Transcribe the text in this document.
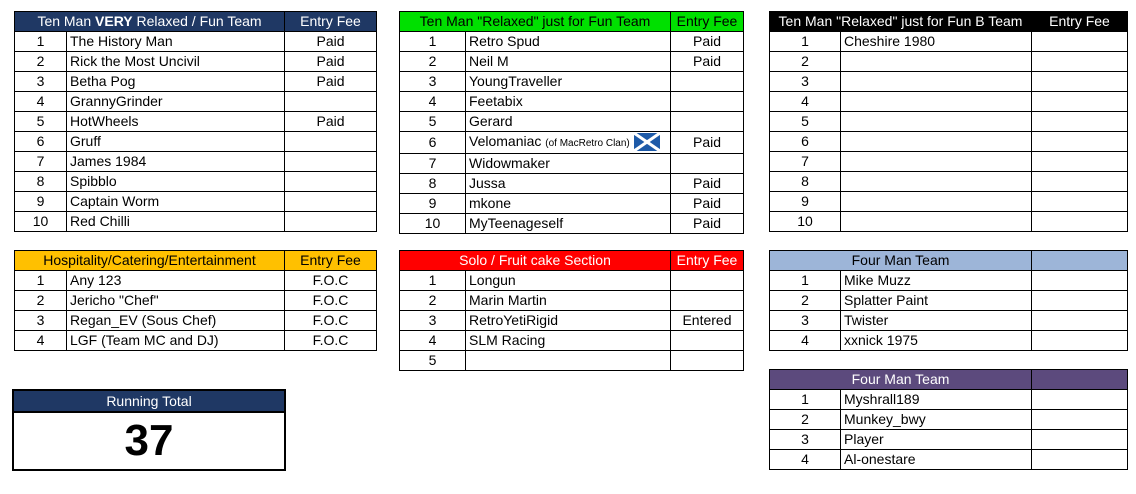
Ten Man VERY Relaxed / Fun Team		Entry Fee
1	The History Man	Paid
2	Rick the Most Uncivil	Paid
3	Betha Pog	Paid
4	GrannyGrinder	
5	HotWheels	Paid
6	Gruff	
7	James 1984	
8	Spibblo	
9	Captain Worm	
10	Red Chilli	
Ten Man "Relaxed" just for Fun Team		Entry Fee
1	Retro Spud	Paid
2	Neil M	Paid
3	YoungTraveller	
4	Feetabix	
5	Gerard	
6	Velomaniac (of MacRetro Clan)	Paid
7	Widowmaker	
8	Jussa	Paid
9	mkone	Paid
10	MyTeenageself	Paid
Ten Man "Relaxed" just for Fun B Team		Entry Fee
1	Cheshire 1980	
2		
3		
4		
5		
6		
7		
8		
9		
10		
Hospitality/Catering/Entertainment		Entry Fee
1	Any 123	F.O.C
2	Jericho "Chef"	F.O.C
3	Regan_EV (Sous Chef)	F.O.C
4	LGF (Team MC and DJ)	F.O.C
Solo / Fruit cake Section		Entry Fee
1	Longun	
2	Marin Martin	
3	RetroYetiRigid	Entered
4	SLM Racing	
5		
Four Man Team		
1	Mike Muzz	
2	Splatter Paint	
3	Twister	
4	xxnick 1975	
Four Man Team		
1	Myshrall189	
2	Munkey_bwy	
3	Player	
4	Al-onestare	
Running Total
37
